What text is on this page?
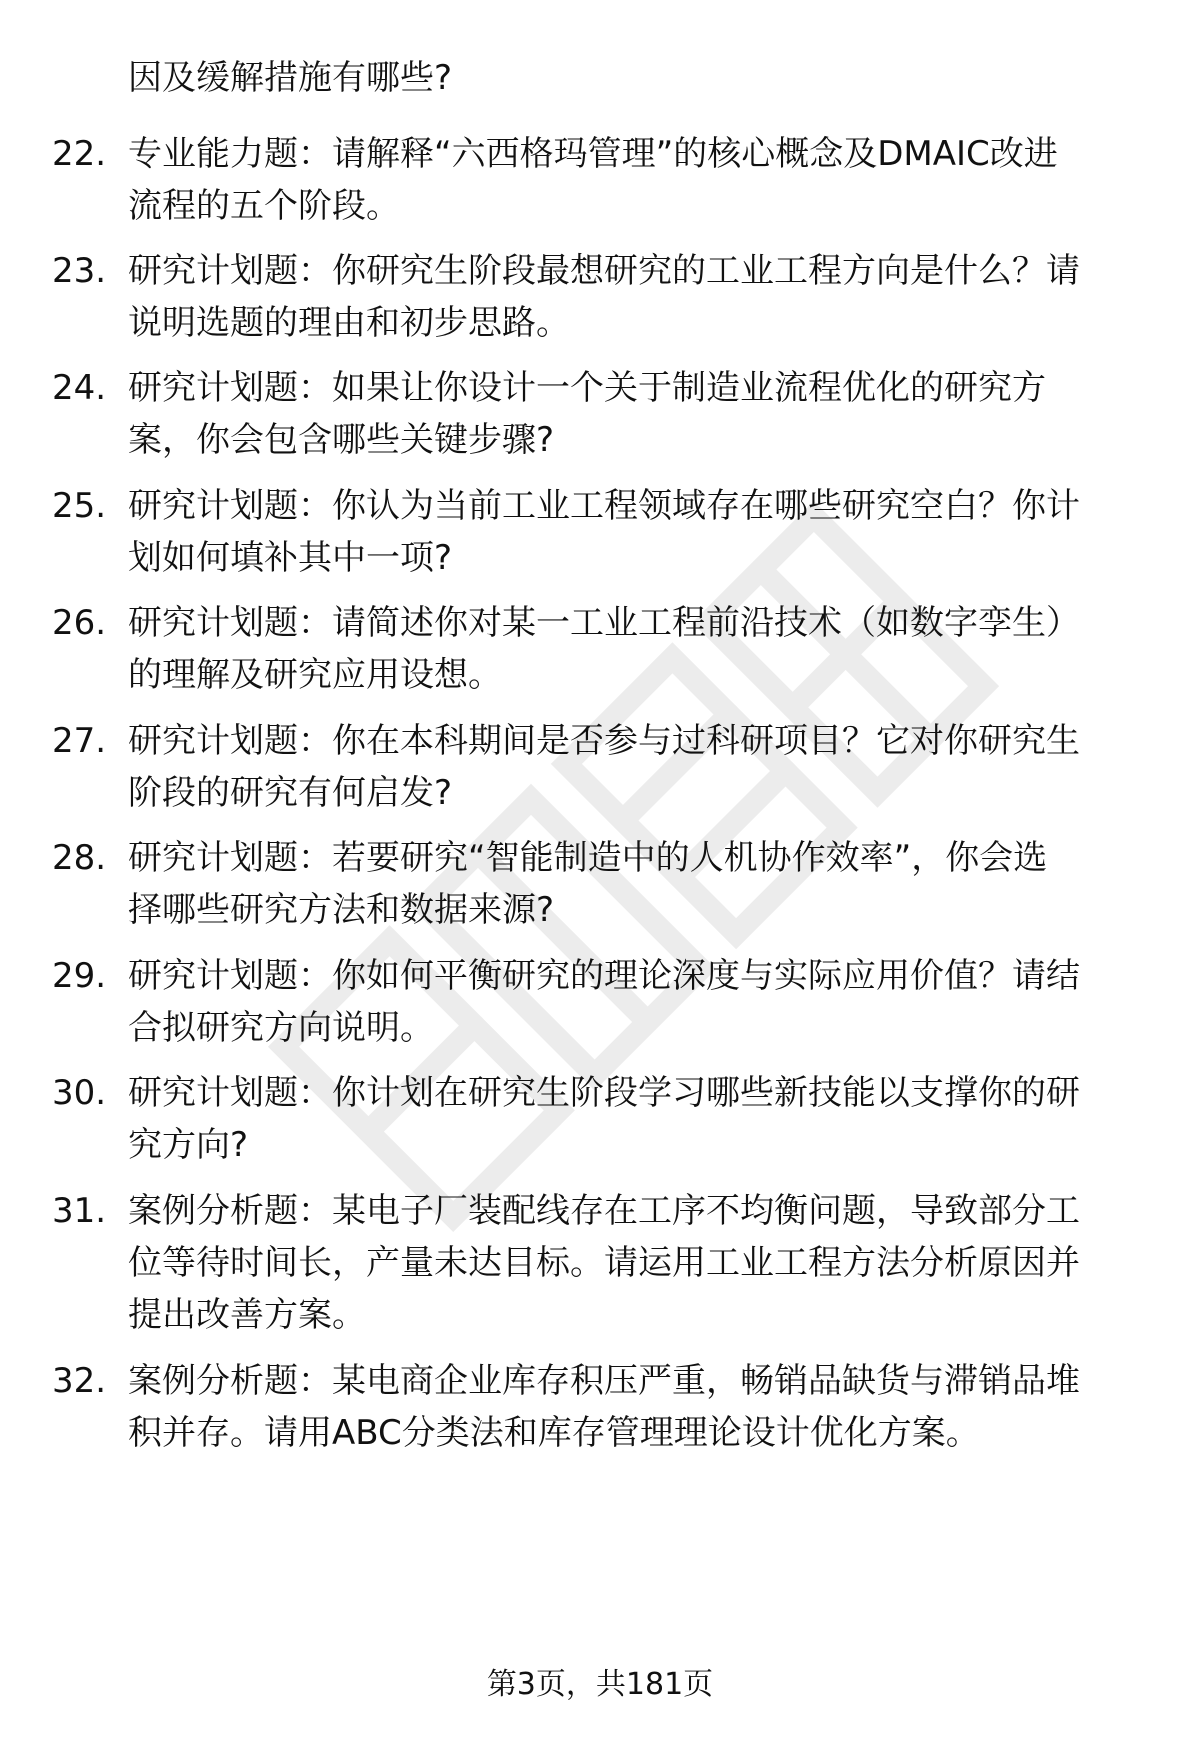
因及缓解措施有哪些?
22. 专业能力题：请解释“六西格玛管理”的核心概念及DMAIC改进
流程的五个阶段。
23. 研究计划题：你研究生阶段最想研究的工业工程方向是什么？请
说明选题的理由和初步思路。
24. 研究计划题：如果让你设计一个关于制造业流程优化的研究方
案，你会包含哪些关键步骤?
25. 研究计划题：你认为当前工业工程领域存在哪些研究空白？你计
划如何填补其中一项?
26. 研究计划题：请简述你对某一工业工程前沿技术（如数字孪生）
的理解及研究应用设想。
27. 研究计划题：你在本科期间是否参与过科研项目？它对你研究生
阶段的研究有何启发?
28. 研究计划题：若要研究“智能制造中的人机协作效率”，你会选
择哪些研究方法和数据来源?
29. 研究计划题：你如何平衡研究的理论深度与实际应用价值？请结
合拟研究方向说明。
30. 研究计划题：你计划在研究生阶段学习哪些新技能以支撑你的研
究方向?
31. 案例分析题：某电子厂装配线存在工序不均衡问题，导致部分工
位等待时间长，产量未达目标。请运用工业工程方法分析原因并
提出改善方案。
32. 案例分析题：某电商企业库存积压严重，畅销品缺货与滞销品堆
积并存。请用ABC分类法和库存管理理论设计优化方案。
第3页，共181页
